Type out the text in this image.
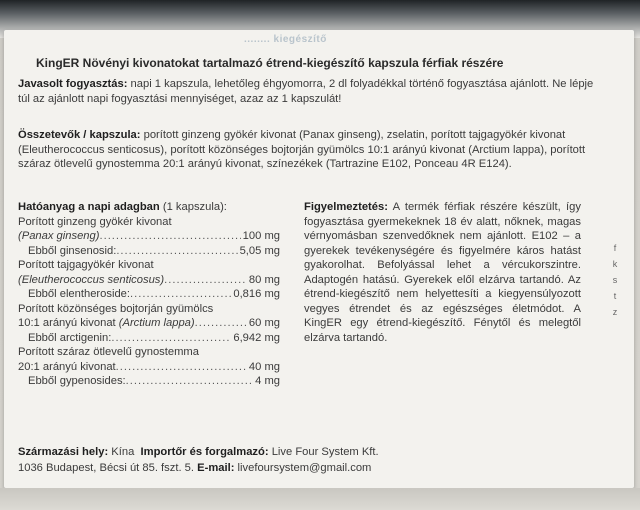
........ kiegészítő
KingER Növényi kivonatokat tartalmazó étrend-kiegészítő kapszula férfiak részére
Javasolt fogyasztás: napi 1 kapszula, lehetőleg éhgyomorra, 2 dl folyadékkal történő fogyasztása ajánlott. Ne lépje túl az ajánlott napi fogyasztási mennyiséget, azaz az 1 kapszulát!
Összetevők / kapszula: porított ginzeng gyökér kivonat (Panax ginseng), zselatin, porított tajgagyökér kivonat (Eleutherococcus senticosus), porított közönséges bojtorján gyümölcs 10:1 arányú kivonat (Arctium lappa), porított száraz ötlevelű gynostemma 20:1 arányú kivonat, színezékek (Tartrazine E102, Ponceau 4R E124).
Hatóanyag a napi adagban (1 kapszula):
Porított ginzeng gyökér kivonat
(Panax ginseng) .....	100 mg
Ebből ginsenosid: .....	5,05 mg
Porított tajgagyökér kivonat
(Eleutherococcus senticosus) .....	80 mg
Ebből elentheroside: .....	0,816 mg
Porított közönséges bojtorján gyümölcs
10:1 arányú kivonat (Arctium lappa) .....	60 mg
Ebből arctigenin: .....	6,942 mg
Porított száraz ötlevelű gynostemma
20:1 arányú kivonat .....	40 mg
Ebből gypenosides: .....	4 mg
Figyelmeztetés: A termék férfiak részére készült, így fogyasztása gyermekeknek 18 év alatt, nőknek, magas vérnyomásban szenvedőknek nem ajánlott. E102 – a gyerekek tevékenységére és figyelmére káros hatást gyakorolhat. Befolyással lehet a vércukorszintre. Adaptogén hatású. Gyerekek elől elzárva tartandó. Az étrend-kiegészítő nem helyettesíti a kiegyensúlyozott vegyes étrendet és az egészséges életmódot. A KingER egy étrend-kiegészítő. Fénytől és melegtől elzárva tartandó.
f
k
s
t
z
Származási hely: Kína Importőr és forgalmazó: Live Four System Kft.
1036 Budapest, Bécsi út 85. fszt. 5. E-mail: livefoursystem@gmail.com
